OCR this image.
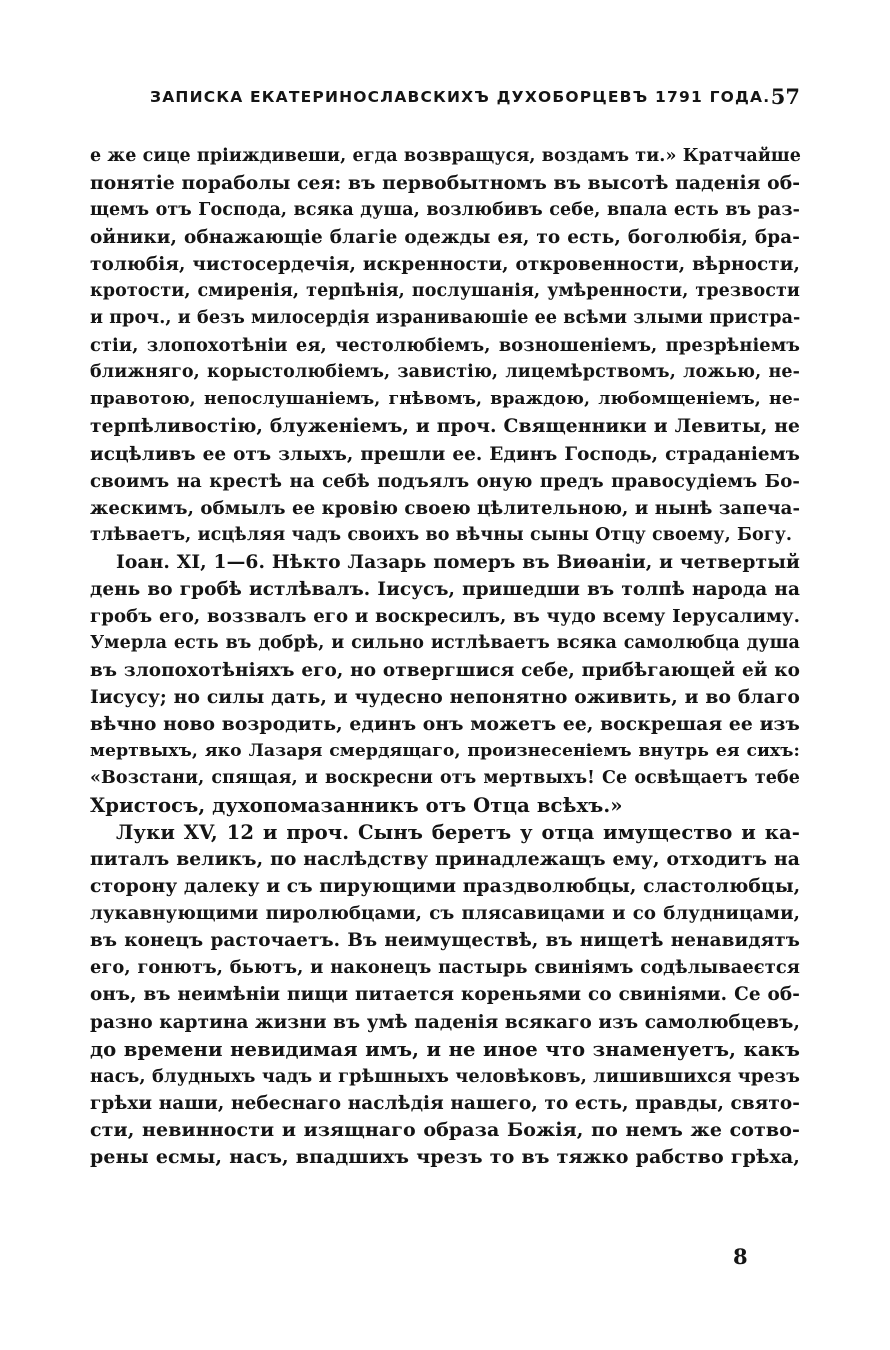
ЗАПИСКА ЕКАТЕРИНОСЛАВСКИХЪ ДУХОБОРЦЕВЪ 1791 ГОДА. 57
е же сице пріиждивеши, егда возвращуся, воздамъ ти.» Кратчайше
понятіе пораболы сея: въ первобытномъ въ высотѣ паденія об-
щемъ отъ Господа, всяка душа, возлюбивъ себе, впала есть въ раз-
ойники, обнажающіе благіе одежды ея, то есть, боголюбія, бра-
толюбія, чистосердечія, искренности, откровенности, вѣрности,
кротости, смиренія, терпѣнія, послушанія, умѣренности, трезвости
и проч., и безъ милосердія израниваюшіе ее всѣми злыми пристра-
стіи, злопохотѣніи ея, честолюбіемъ, возношеніемъ, презрѣніемъ
ближняго, корыстолюбіемъ, завистію, лицемѣрствомъ, ложью, не-
правотою, непослушаніемъ, гнѣвомъ, враждою, любомщеніемъ, не-
терпѣливостію, блуженіемъ, и проч. Священники и Левиты, не
исцѣливъ ее отъ злыхъ, прешли ее. Единъ Господь, страданіемъ
своимъ на крестѣ на себѣ подъялъ оную предъ правосудіемъ Бо-
жескимъ, обмылъ ее кровію своею цѣлительною, и нынѣ запеча-
тлѣваетъ, исцѣляя чадъ своихъ во вѣчны сыны Отцу своему, Богу.
Іоан. XI, 1—6. Нѣкто Лазарь померъ въ Виѳаніи, и четвертый
день во гробѣ истлѣвалъ. Іисусъ, пришедши въ толпѣ народа на
гробъ его, воззвалъ его и воскресилъ, въ чудо всему Іерусалиму.
Умерла есть въ добрѣ, и сильно истлѣваетъ всяка самолюбца душа
въ злопохотѣніяхъ его, но отвергшися себе, прибѣгающей ей ко
Іисусу; но силы дать, и чудесно непонятно оживить, и во благо
вѣчно ново возродить, единъ онъ можетъ ее, воскрешая ее изъ
мертвыхъ, яко Лазаря смердящаго, произнесеніемъ внутрь ея сихъ:
«Возстани, спящая, и воскресни отъ мертвыхъ! Се освѣщаетъ тебе
Христосъ, духопомазанникъ отъ Отца всѣхъ.»
Луки XV, 12 и проч. Сынъ беретъ у отца имущество и ка-
питалъ великъ, по наслѣдству принадлежащъ ему, отходитъ на
сторону далеку и съ пирующими праздволюбцы, сластолюбцы,
лукавнующими пиролюбцами, съ плясавицами и со блудницами,
въ конецъ расточаетъ. Въ неимуществѣ, въ нищетѣ ненавидятъ
его, гонютъ, бьютъ, и наконецъ пастырь свиніямъ содѣлываеєтся
онъ, въ неимѣніи пищи питается кореньями со свиніями. Се об-
разно картина жизни въ умѣ паденія всякаго изъ самолюбцевъ,
до времени невидимая имъ, и не иное что знаменуетъ, какъ
насъ, блудныхъ чадъ и грѣшныхъ человѣковъ, лишившихся чрезъ
грѣхи наши, небеснаго наслѣдія нашего, то есть, правды, свято-
сти, невинности и изящнаго образа Божія, по немъ же сотво-
рены есмы, насъ, впадшихъ чрезъ то въ тяжко рабство грѣха,
8
